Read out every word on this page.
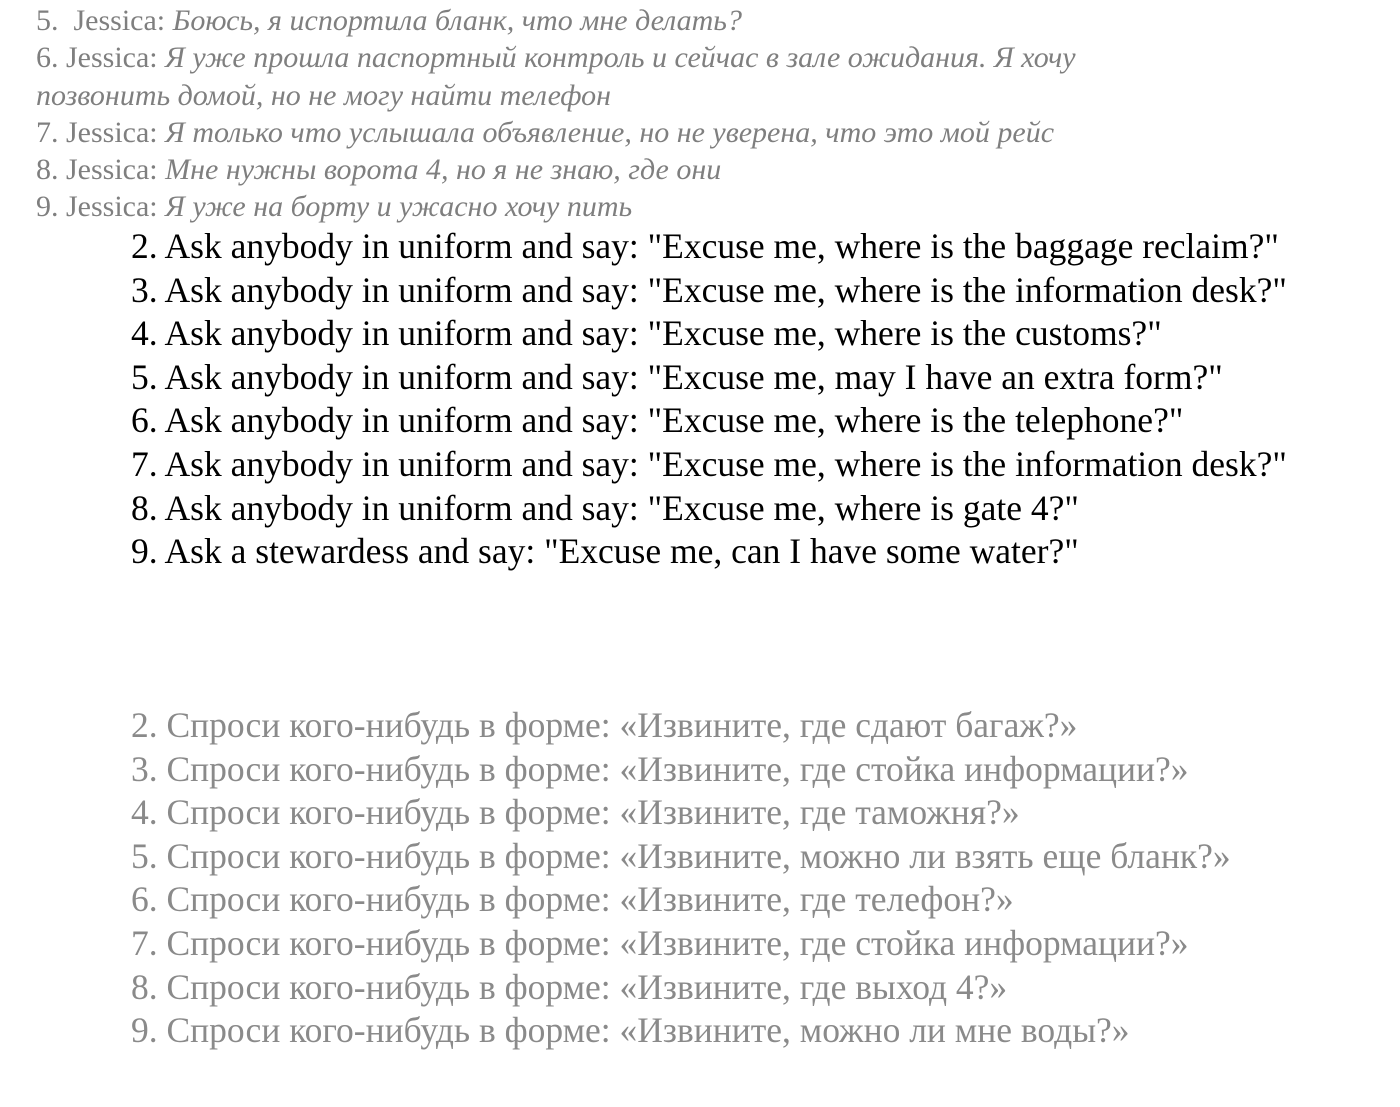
5. Jessica: Боюсь, я испортила бланк, что мне делать?
6. Jessica: Я уже прошла паспортный контроль и сейчас в зале ожидания. Я хочу
позвонить домой, но не могу найти телефон
7. Jessica: Я только что услышала объявление, но не уверена, что это мой рейс
8. Jessica: Мне нужны ворота 4, но я не знаю, где они
9. Jessica: Я уже на борту и ужасно хочу пить

2. Ask anybody in uniform and say: "Excuse me, where is the baggage reclaim?"

3. Ask anybody in uniform and say: "Excuse me, where is the information desk?"

4. Ask anybody in uniform and say: "Excuse me, where is the customs?"

5. Ask anybody in uniform and say: "Excuse me, may I have an extra form?"

6. Ask anybody in uniform and say: "Excuse me, where is the telephone?"

7. Ask anybody in uniform and say: "Excuse me, where is the information desk?"

8. Ask anybody in uniform and say: "Excuse me, where is gate 4?"

9. Ask a stewardess and say: "Excuse me, can I have some water?"

2. Спроси кого-нибудь в форме: «Извините, где сдают багаж?»

3. Спроси кого-нибудь в форме: «Извините, где стойка информации?»

4. Спроси кого-нибудь в форме: «Извините, где таможня?»

5. Спроси кого-нибудь в форме: «Извините, можно ли взять еще бланк?»

6. Спроси кого-нибудь в форме: «Извините, где телефон?»

7. Спроси кого-нибудь в форме: «Извините, где стойка информации?»

8. Спроси кого-нибудь в форме: «Извините, где выход 4?»

9. Спроси кого-нибудь в форме: «Извините, можно ли мне воды?»
